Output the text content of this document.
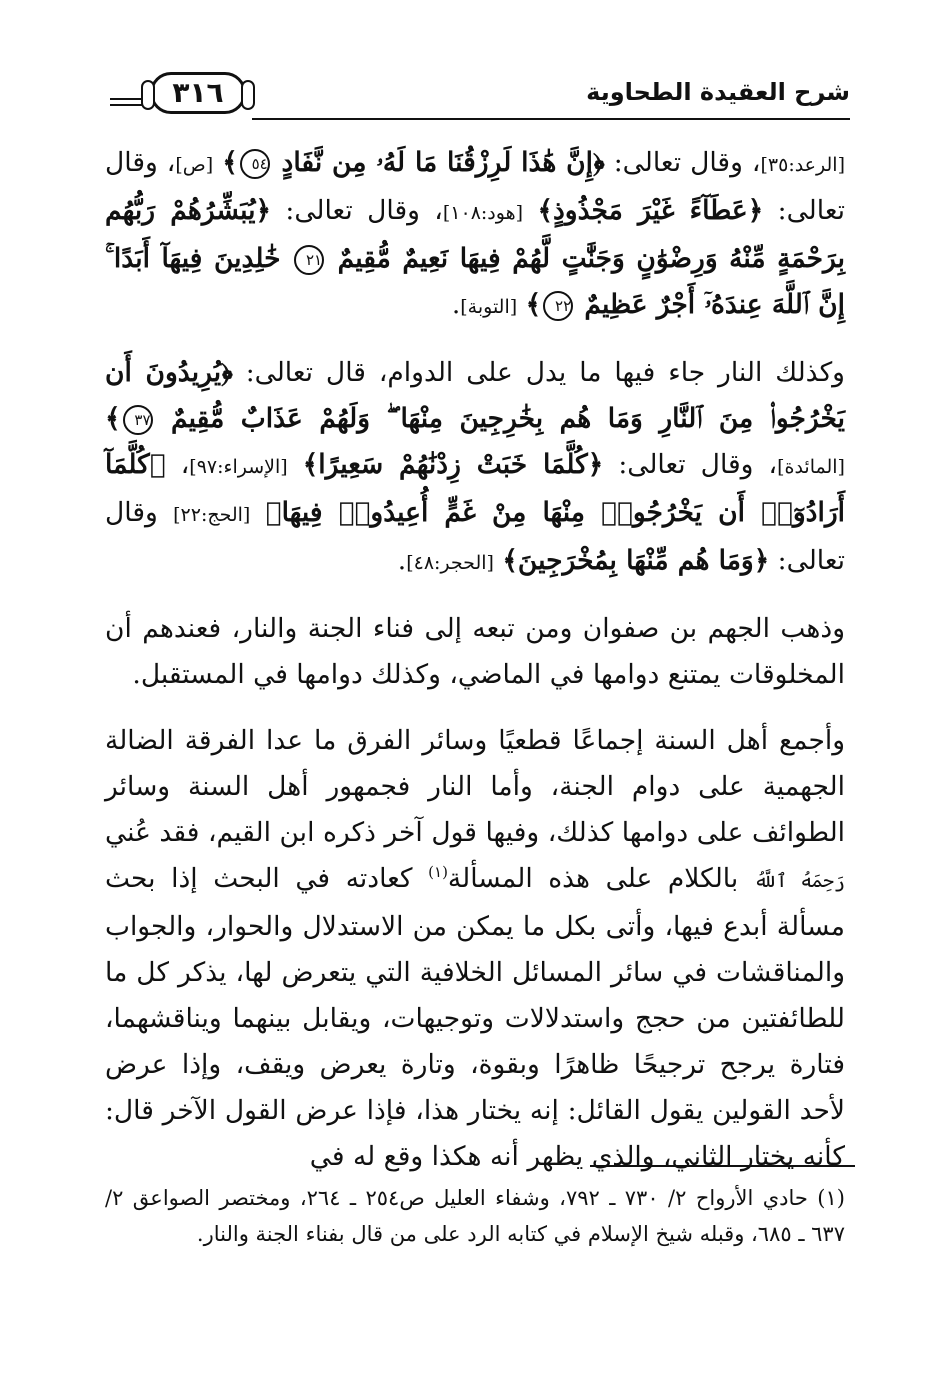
شرح العقيدة الطحاوية
٣١٦

[الرعد:٣٥]، وقال تعالى: ﴿إِنَّ هَٰذَا لَرِزْقُنَا مَا لَهُۥ مِن نَّفَادٍ ٥٤﴾ [ص]، وقال تعالى: ﴿عَطَآءً غَيْرَ مَجْذُوذٍ﴾ [هود:١٠٨]، وقال تعالى: ﴿يُبَشِّرُهُمْ رَبُّهُم بِرَحْمَةٍ مِّنْهُ وَرِضْوَٰنٍ وَجَنَّٰتٍ لَّهُمْ فِيهَا نَعِيمٌ مُّقِيمٌ ٢١ خَٰلِدِينَ فِيهَآ أَبَدًا ۚ إِنَّ ٱللَّهَ عِندَهُۥٓ أَجْرٌ عَظِيمٌ ٢٢﴾ [التوبة].

وكذلك النار جاء فيها ما يدل على الدوام، قال تعالى: ﴿يُرِيدُونَ أَن يَخْرُجُوا۟ مِنَ ٱلنَّارِ وَمَا هُم بِخَٰرِجِينَ مِنْهَا ۖ وَلَهُمْ عَذَابٌ مُّقِيمٌ ٣٧﴾ [المائدة]، وقال تعالى: ﴿كُلَّمَا خَبَتْ زِدْنَٰهُمْ سَعِيرًا﴾ [الإسراء:٩٧]، ﴿كُلَّمَآ أَرَادُوٓا۟ أَن يَخْرُجُوا۟ مِنْهَا مِنْ غَمٍّ أُعِيدُوا۟ فِيهَا﴾ [الحج:٢٢] وقال تعالى: ﴿وَمَا هُم مِّنْهَا بِمُخْرَجِينَ﴾ [الحجر:٤٨].

وذهب الجهم بن صفوان ومن تبعه إلى فناء الجنة والنار، فعندهم أن المخلوقات يمتنع دوامها في الماضي، وكذلك دوامها في المستقبل.

وأجمع أهل السنة إجماعًا قطعيًا وسائر الفرق ما عدا الفرقة الضالة الجهمية على دوام الجنة، وأما النار فجمهور أهل السنة وسائر الطوائف على دوامها كذلك، وفيها قول آخر ذكره ابن القيم، فقد عُني رَحِمَهُ ٱللَّهُ بالكلام على هذه المسألة$^{(١)}$ كعادته في البحث إذا بحث مسألة أبدع فيها، وأتى بكل ما يمكن من الاستدلال والحوار، والجواب والمناقشات في سائر المسائل الخلافية التي يتعرض لها، يذكر كل ما للطائفتين من حجج واستدلالات وتوجيهات، ويقابل بينهما ويناقشهما، فتارة يرجح ترجيحًا ظاهرًا وبقوة، وتارة يعرض ويقف، وإذا عرض لأحد القولين يقول القائل: إنه يختار هذا، فإذا عرض القول الآخر قال: كأنه يختار الثاني، والذي يظهر أنه هكذا وقع له في

(١) حادي الأرواح ٢/ ٧٣٠ ـ ٧٩٢، وشفاء العليل ص٢٥٤ ـ ٢٦٤، ومختصر الصواعق ٢/ ٦٣٧ ـ ٦٨٥، وقبله شيخ الإسلام في كتابه الرد على من قال بفناء الجنة والنار.
